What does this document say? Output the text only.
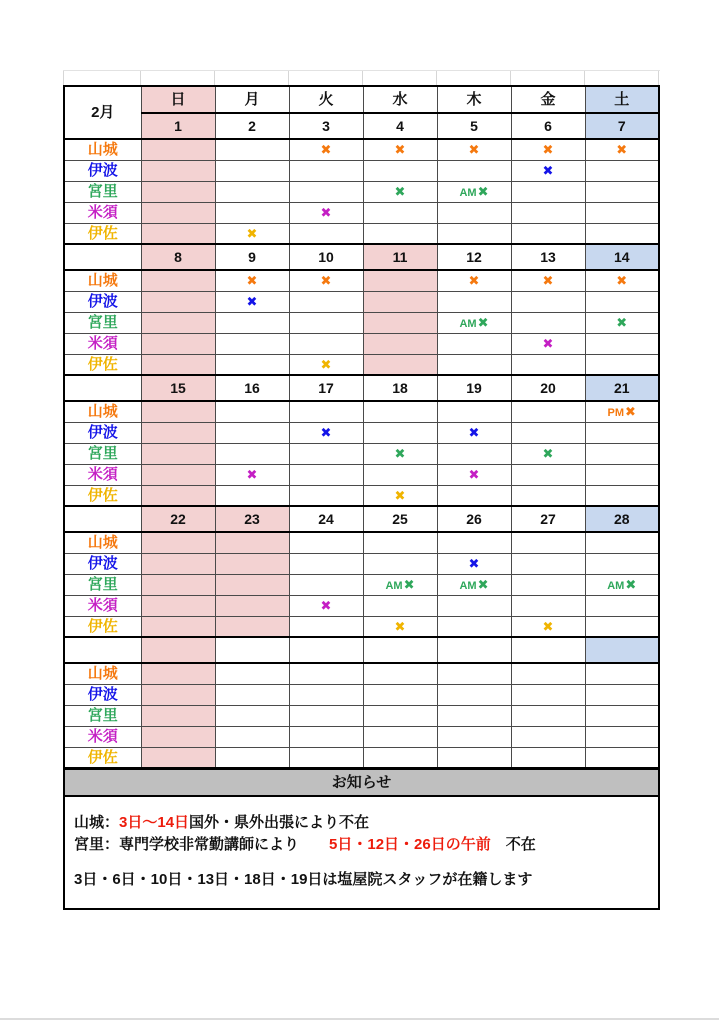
2月	日	月	火	水	木	金	土
	1	2	3	4	5	6	7
山城			✖	✖	✖	✖	✖
伊波						✖	
宮里				✖	AM✖		
米須			✖				
伊佐		✖					
	8	9	10	11	12	13	14
山城		✖	✖		✖	✖	✖
伊波		✖					
宮里					AM✖		✖
米須						✖	
伊佐			✖				
	15	16	17	18	19	20	21
山城							PM✖
伊波			✖		✖		
宮里				✖		✖	
米須		✖			✖		
伊佐				✖			
	22	23	24	25	26	27	28
山城							
伊波					✖		
宮里				AM✖	AM✖		AM✖
米須			✖				
伊佐				✖		✖	

山城							
伊波							
宮里							
米須							
伊佐							
お知らせ
山城：3日～14日国外・県外出張により不在
宮里：専門学校非常勤講師により　　5日・12日・26日の午前　不在
3日・6日・10日・13日・18日・19日は塩屋院スタッフが在籍します
